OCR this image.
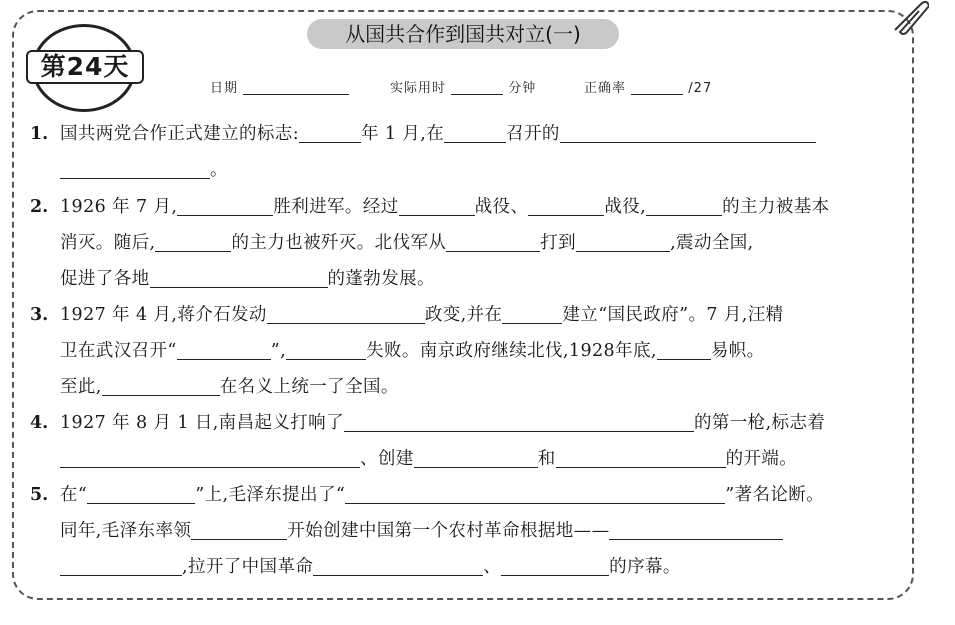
从国共合作到国共对立(一)
第24天
日期	实际用时	分钟	正确率	/27
1. 国共两党合作正式建立的标志:	年 1 月,在	召开的
。
2. 1926 年 7 月,	胜利进军。经过	战役、	战役,	的主力被基本
消灭。随后,	的主力也被歼灭。北伐军从	打到	,震动全国,
促进了各地	的蓬勃发展。
3. 1927 年 4 月,蒋介石发动	政变,并在	建立“国民政府”。7 月,汪精
卫在武汉召开“	”,	失败。南京政府继续北伐,1928年底,	易帜。
至此,	在名义上统一了全国。
4. 1927 年 8 月 1 日,南昌起义打响了	的第一枪,标志着
、创建	和	的开端。
5. 在“	”上,毛泽东提出了“	”著名论断。
同年,毛泽东率领	开始创建中国第一个农村革命根据地——
,拉开了中国革命	、	的序幕。
